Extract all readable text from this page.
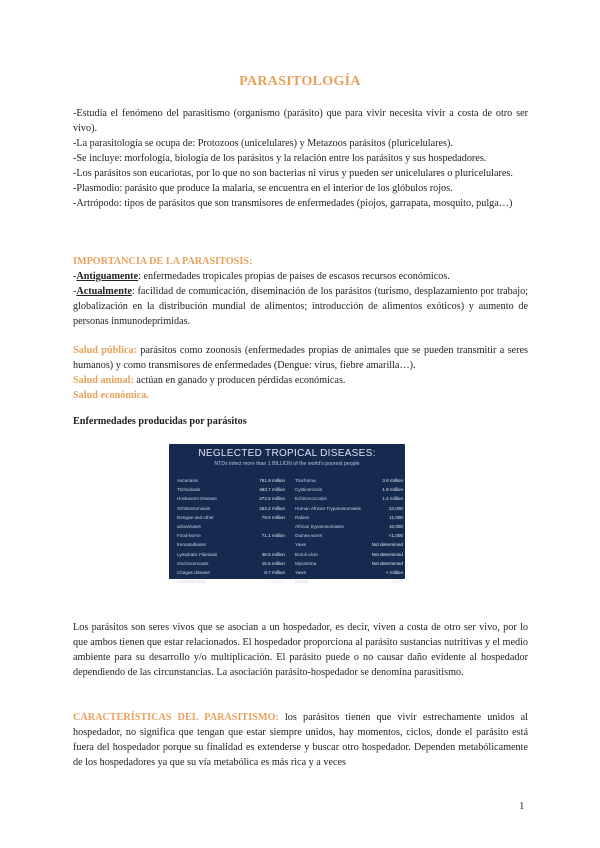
PARASITOLOGÍA

-Estudia el fenómeno del parasitismo (organismo (parásito) que para vivir necesita vivir a costa de otro ser vivo).

-La parasitología se ocupa de: Protozoos (unicelulares) y Metazoos parásitos (pluricelulares).

-Se incluye: morfología, biología de los parásitos y la relación entre los parásitos y sus hospedadores.

-Los parásitos son eucariotas, por lo que no son bacterias ni virus y pueden ser unicelulares o pluricelulares.

-Plasmodio: parásito que produce la malaria, se encuentra en el interior de los glóbulos rojos.

-Artrópodo: tipos de parásitos que son transmisores de enfermedades (piojos, garrapata, mosquito, pulga…)

IMPORTANCIA DE LA PARASITOSIS:

-Antiguamente: enfermedades tropicales propias de países de escasos recursos económicos.

-Actualmente: facilidad de comunicación, diseminación de los parásitos (turismo, desplazamiento por trabajo; globalización en la distribución mundial de alimentos; introducción de alimentos exóticos) y aumento de personas inmunodeprimidas.

Salud pública: parásitos como zoonosis (enfermedades propias de animales que se pueden transmitir a seres humanos) y como transmisores de enfermedades (Dengue: virus, fiebre amarilla…).

Salud animal: actúan en ganado y producen pérdidas económicas.

Salud económica.

Enfermedades producidas por parásitos

NEGLECTED TROPICAL DISEASES:
NTDs infect more than 1 BILLION of the world's poorest people
Ascariasis	761.9 million
Trichuriasis	463.7 million
Hookworm Disease	472.5 million
Schistosomiasis	252.2 million
Dengue and other	79.6 million
arboviruses
Food-borne	71.1 million
trematodiases
Lymphatic Filariasis	38.5 million
Onchocerciasis	15.5 million
Chagas disease	6.7 million
Leishmaniasis	3.9 million
Trachoma	3.6 million
Cysticercosis	1.9 million
Echinococcosis	1.4 million
Human African Trypanosomiasis	24,000
Rabies	11,000
African trypanosomiasis	10,000
Guinea worm	<1,000
Yaws	Not determined
Buruli ulcer	Not determined
Mycetoma	Not determined
Yaws	< million
Mixed	2,400

Los parásitos son seres vivos que se asocian a un hospedador, es decir, viven a costa de otro ser vivo, por lo que ambos tienen que estar relacionados. El hospedador proporciona al parásito sustancias nutritivas y el medio ambiente para su desarrollo y/o multiplicación. El parásito puede o no causar daño evidente al hospedador dependiendo de las circunstancias. La asociación parásito-hospedador se denomina parasitismo.

CARACTERÍSTICAS DEL PARASITISMO: los parásitos tienen que vivir estrechamente unidos al hospedador, no significa que tengan que estar siempre unidos, hay momentos, ciclos, donde el parásito está fuera del hospedador porque su finalidad es extenderse y buscar otro hospedador. Dependen metabólicamente de los hospedadores ya que su vía metabólica es más rica y a veces

1
